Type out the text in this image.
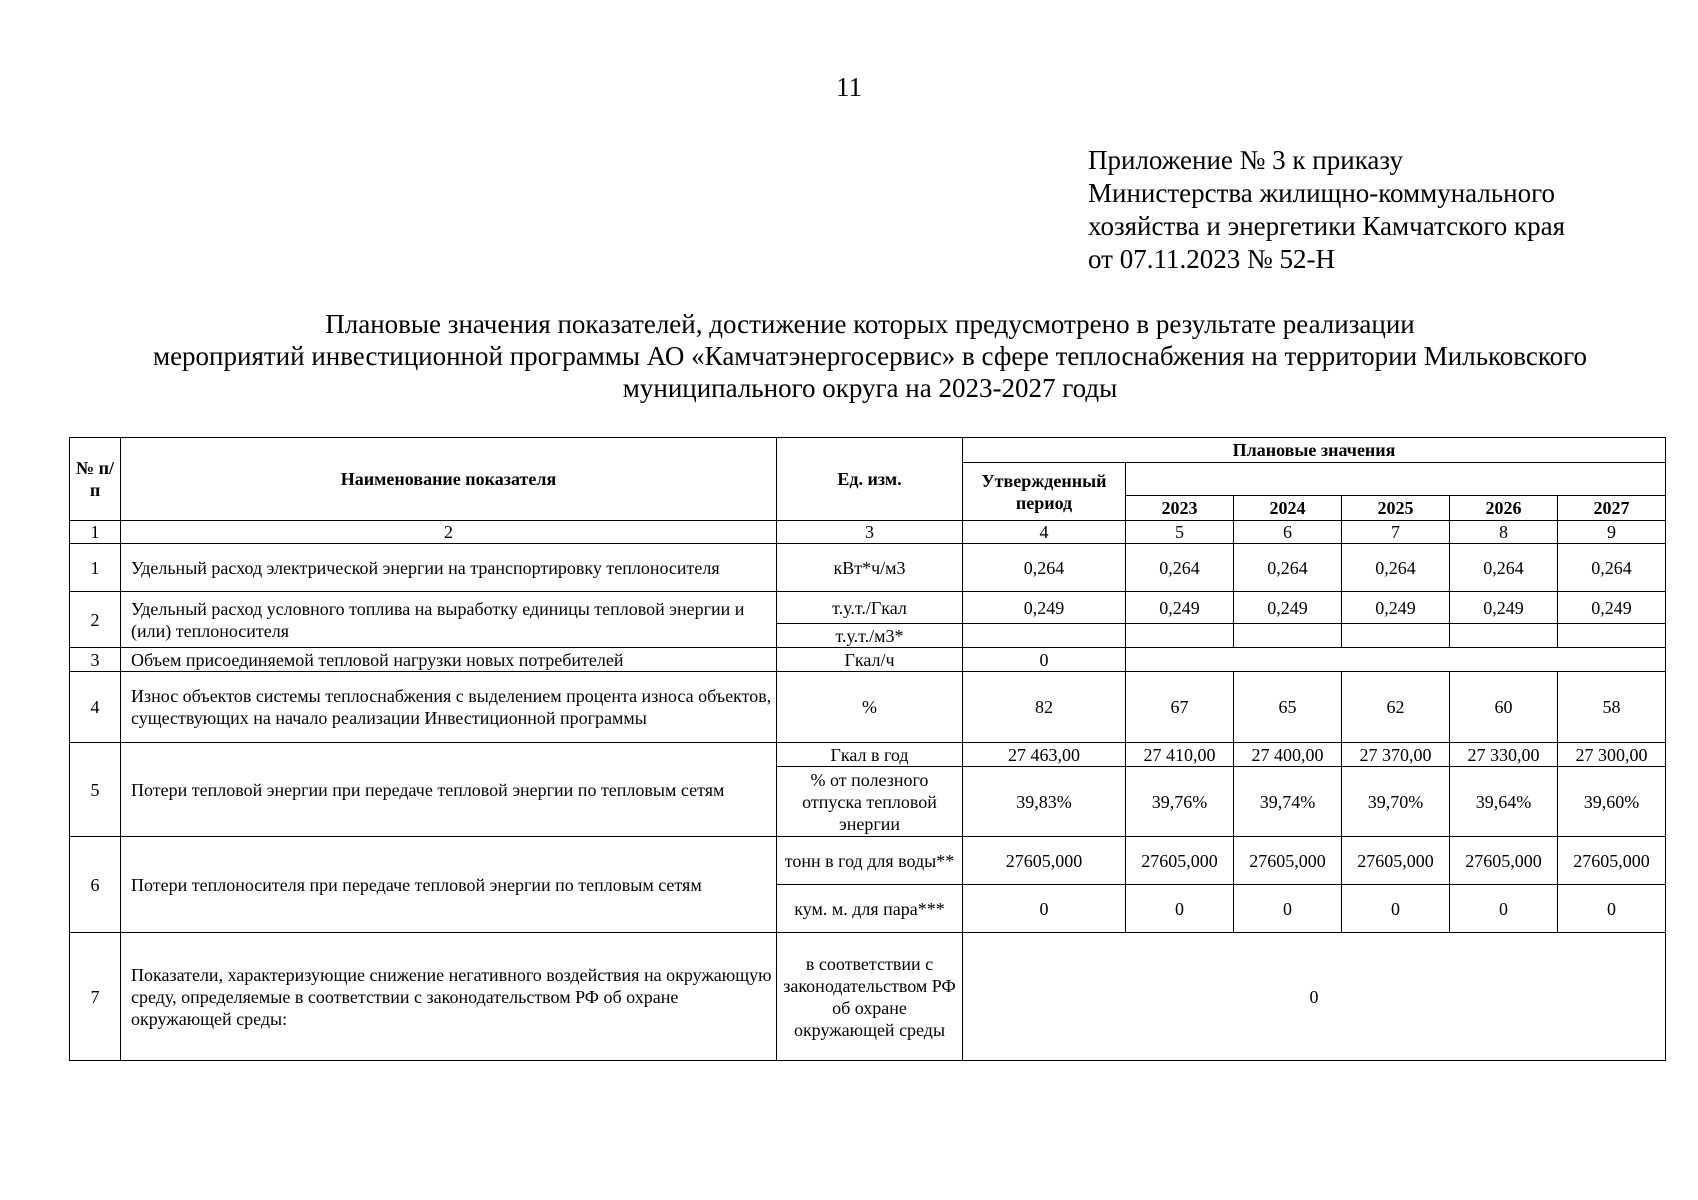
11
Приложение № 3 к приказу
Министерства жилищно-коммунального
хозяйства и энергетики Камчатского края
от 07.11.2023 № 52-Н
Плановые значения показателей, достижение которых предусмотрено в результате реализации
мероприятий инвестиционной программы АО «Камчатэнергосервис» в сфере теплоснабжения на территории Мильковского
муниципального округа на 2023-2027 годы
№ п/п	Наименование показателя	Ед. изм.	Плановые значения					
			Утвержденный период					
				2023	2024	2025	2026	2027
1	2	3	4	5	6	7	8	9
1	Удельный расход электрической энергии на транспортировку теплоносителя	кВт*ч/м3	0,264	0,264	0,264	0,264	0,264	0,264
2	Удельный расход условного топлива на выработку единицы тепловой энергии и (или) теплоносителя	т.у.т./Гкал	0,249	0,249	0,249	0,249	0,249	0,249
		т.у.т./м3*						
3	Объем присоединяемой тепловой нагрузки новых потребителей	Гкал/ч	0					
4	Износ объектов системы теплоснабжения с выделением процента износа объектов, существующих на начало реализации Инвестиционной программы	%	82	67	65	62	60	58
5	Потери тепловой энергии при передаче тепловой энергии по тепловым сетям	Гкал в год	27 463,00	27 410,00	27 400,00	27 370,00	27 330,00	27 300,00
		% от полезного отпуска тепловой энергии	39,83%	39,76%	39,74%	39,70%	39,64%	39,60%
6	Потери теплоносителя при передаче тепловой энергии по тепловым сетям	тонн в год для воды**	27605,000	27605,000	27605,000	27605,000	27605,000	27605,000
		кум. м. для пара***	0	0	0	0	0	0
7	Показатели, характеризующие снижение негативного воздействия на окружающую среду, определяемые в соответствии с законодательством РФ об охране окружающей среды:	в соответствии с законодательством РФ об охране окружающей среды	0					
